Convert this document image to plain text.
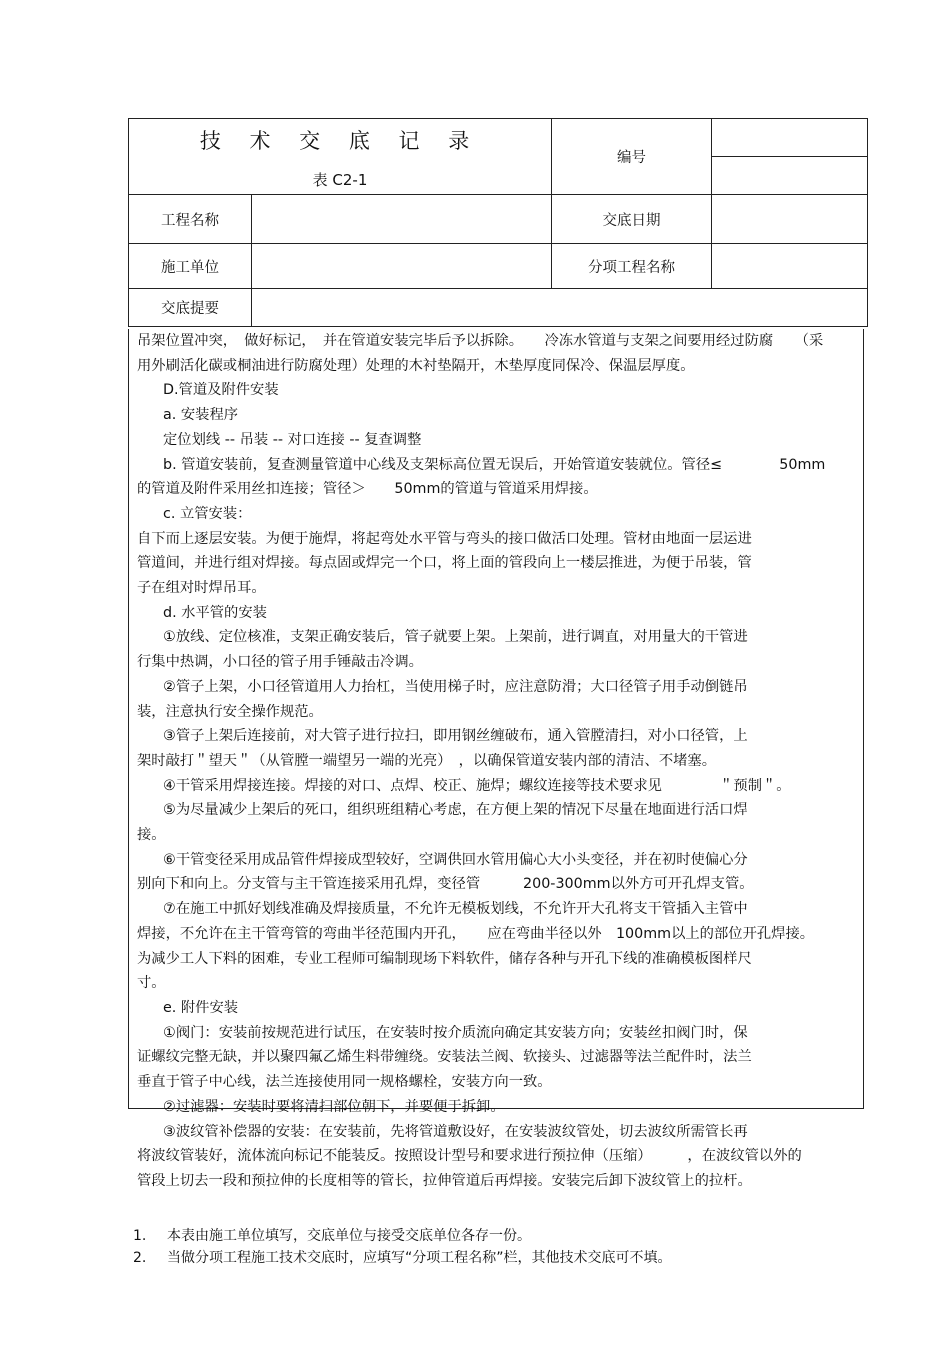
技 术 交 底 记 录
表 C2-1		编号	

工程名称		交底日期	
施工单位		分项工程名称	
交底提要			

吊架位置冲突，　做好标记，　并在管道安装完毕后予以拆除。　　冷冻水管道与支架之间要用经过防腐　　（采

用外刷活化碳或桐油进行防腐处理）处理的木衬垫隔开，木垫厚度同保冷、保温层厚度。

D.管道及附件安装

a. 安装程序

定位划线 -- 吊装 -- 对口连接 -- 复查调整

b. 管道安装前，复查测量管道中心线及支架标高位置无误后，开始管道安装就位。管径≤　　　　50mm

的管道及附件采用丝扣连接；管径＞　　50mm的管道与管道采用焊接。

c. 立管安装：

自下而上逐层安装。为便于施焊，将起弯处水平管与弯头的接口做活口处理。管材由地面一层运进

管道间，并进行组对焊接。每点固或焊完一个口，将上面的管段向上一楼层推进，为便于吊装，管

子在组对时焊吊耳。

d. 水平管的安装

①放线、定位核准，支架正确安装后，管子就要上架。上架前，进行调直，对用量大的干管进

行集中热调，小口径的管子用手锤敲击冷调。

②管子上架，小口径管道用人力抬杠，当使用梯子时，应注意防滑；大口径管子用手动倒链吊

装，注意执行安全操作规范。

③管子上架后连接前，对大管子进行拉扫，即用钢丝缠破布，通入管膛清扫，对小口径管，上

架时敲打＂望天＂（从管膛一端望另一端的光亮）　，以确保管道安装内部的清洁、不堵塞。

④干管采用焊接连接。焊接的对口、点焊、校正、施焊；螺纹连接等技术要求见　　　　＂预制＂。

⑤为尽量减少上架后的死口，组织班组精心考虑，在方便上架的情况下尽量在地面进行活口焊

接。

⑥干管变径采用成品管件焊接成型较好，空调供回水管用偏心大小头变径，并在初时使偏心分

别向下和向上。分支管与主干管连接采用孔焊，变径管　　　200-300mm以外方可开孔焊支管。

⑦在施工中抓好划线准确及焊接质量，不允许无模板划线，不允许开大孔将支干管插入主管中

焊接，不允许在主干管弯管的弯曲半径范围内开孔，　　应在弯曲半径以外　100mm以上的部位开孔焊接。

为减少工人下料的困难，专业工程师可编制现场下料软件，储存各种与开孔下线的准确模板图样尺

寸。

e. 附件安装

①阀门：安装前按规范进行试压，在安装时按介质流向确定其安装方向；安装丝扣阀门时，保

证螺纹完整无缺，并以聚四氟乙烯生料带缠绕。安装法兰阀、软接头、过滤器等法兰配件时，法兰

垂直于管子中心线，法兰连接使用同一规格螺栓，安装方向一致。

②过滤器：安装时要将清扫部位朝下，并要便于拆卸。

③波纹管补偿器的安装：在安装前，先将管道敷设好，在安装波纹管处，切去波纹所需管长再

将波纹管装好，流体流向标记不能装反。按照设计型号和要求进行预拉伸（压缩）　　　，在波纹管以外的

管段上切去一段和预拉伸的长度相等的管长，拉伸管道后再焊接。安装完后卸下波纹管上的拉杆。

1. 本表由施工单位填写，交底单位与接受交底单位各存一份。
2. 当做分项工程施工技术交底时，应填写“分项工程名称”栏，其他技术交底可不填。
